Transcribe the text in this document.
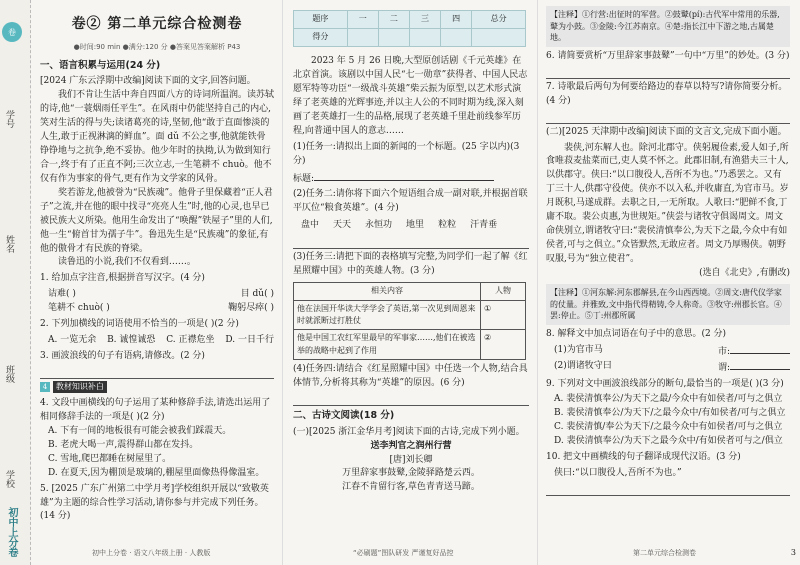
卷
学号
姓名
班级
学校
初中上分卷
卷② 第二单元综合检测卷
●时间:90 min ●满分:120 分 ●答案见答案解析 P43
一、语言积累与运用(24 分)

[2024 广东云浮期中改编]阅读下面的文字,回答问题。

我们不肯让生活中奔自四面八方的诗词所温润。读苏轼的诗,他“一蓑烟雨任平生”。在风雨中仍能坚持自己的内心,笑对生活的得与失;读诸葛亮的诗,坚韧,他“敢于直面惨淡的人生,敢于正视淋漓的鲜血”。面 dǔ 不公之事,他就能铁骨铮铮地与之抗争,绝不妥协。他少年时的执拗,认为做到知行合一,终于有了正直不阿;三次立志,一生笔耕不 chuò。他不仅有作为事家的骨气,更有作为文学家的风骨。

奖若游龙,他被誉为“民族魂”。他骨子里保藏着“正人君子”之流,并在他的眼中找寻“亮亮人生”时,他的心灵,也早已被民族大义所染。他用生命发出了“唤醒”铁屋子”里的人们,他一生“俯首甘为孺子牛”。鲁迅先生是“民族魂”的象征,有他的傲骨才有民族的脊梁。

读鲁迅的小说,我们不仅看到……。

1. 给加点字注音,根据拼音写汉字。(4 分)

诘难( )	目 dǔ( )
笔耕不 chuò( )	鞠躬尽瘁( )

2. 下列加横线的词语使用不恰当的一项是( )(2 分)

A. 一览无余 B. 诚惶诚恐 C. 正襟危坐 D. 一日千行

3. 画波浪线的句子有语病,请修改。(2 分)

4 教材知识补白

4. 文段中画横线的句子运用了某种修辞手法,请选出运用了相同修辞手法的一项是( )(2 分)

A. 下有一间的地板很有可能会被我们踩震天。

B. 老虎大喝一声,震得群山都在发抖。

C. 雪地,爬巴都睡在树屋里了。

D. 在夏天,因为棚顶是玻璃的,棚屋里面像热得像温室。

5. [2025 广东广州第二中学月考]学校组织开展以“致敬英雄”为主题的综合性学习活动,请你参与并完成下列任务。(14 分)

初中上分卷 · 语文八年级上册 · 人教版
题序	一	二	三	四	总分
得分					

2023 年 5 月 26 日晚,大型原创话剧《千元英雄》在北京首演。该剧以中国人民“七一勋章”获得者、中国人民志愿军特等功臣“一级战斗英雄”柴云振为原型,以艺术形式演绎了老英雄的光辉事迹,并以主人公的不同时期为线,深入刻画了老英雄打一生的品格,展现了老英雄千里赴前线参军历程,向普通中国人的意志……

(1)任务一:请拟出上面的新闻的一个标题。(25 字以内)(3 分)

标题:

(2)任务二:请你将下面六个短语组合成一副对联,并根据首联平仄位“粮食英雄”。(4 分)

盘中 天天 永恒功 地里 粒粒 汗青垂

(3)任务三:请把下面的表格填写完整,为同学们一起了解《红星照耀中国》中的英雄人物。(3 分)

相关内容	人物
他在法国开华读大学学会了英语,第一次见到周恩来时就派断过打胜仗	①
他是中国工农红军里最早的军事家……,他们在被选举的战略中起到了作用	②

(4)任务四:请结合《红星照耀中国》中任选一个人物,结合具体情节,分析将其称为“英雄”的原因。(6 分)

二、古诗文阅读(18 分)

(一)[2025 浙江金华月考]阅读下面的古诗,完成下列小题。

送李判官之润州行营

[唐]刘长卿

万里辞家事鼓鼙,金陵驿路楚云西。

江春不肯留行客,草色青青送马蹄。

“必刷题”图队研发 严谨复好品控
【注释】①行营:出征时的军营。②鼓鼙(pí):古代军中常用的乐器,鼙为小鼓。③金陵:今江苏南京。④楚:指长江中下游之地,古属楚地。

6. 请简要赏析“万里辞家事鼓鼙”一句中“万里”的妙处。(3 分)

7. 诗歌最后两句为何要给路边的春草以特写?请你简要分析。(4 分)

(二)[2025 天津期中改编]阅读下面的文言文,完成下面小题。

裴侠,河东解人也。除河北郡守。侠躬履俭素,爱人如子,所食唯菽麦盐菜而已,吏人莫不怀之。此郡旧制,有渔猎夫三十人,以供郡守。侠曰:“以口腹役人,吾所不为也。”乃悉罢之。又有丁三十人,供郡守役使。侠亦不以入私,并收庸直,为官市马。岁月既积,马遂成群。去职之日,一无所取。人歌曰:“肥鲜不食,丁庸不取。裴公贞惠,为世规矩。”侠尝与诸牧守俱谒周文。周文命侠别立,谓诸牧守曰:“裴侯清慎奉公,为天下之最,今众中有如侯者,可与之俱立。”众皆默然,无敢应者。周文乃厚赐侠。朝野叹服,号为“独立使君”。

(选自《北史》,有删改)

【注释】①河东解:河东郡解县,在今山西西境。②周文:唐代仪学家的仗量。并雅致,文中指代得精铸,令人称奇。③牧守:州郡长官。④罢:停止。⑤丁:州郡所属

8. 解释文中加点词语在句子中的意思。(2 分)

(1)为官市马	市:
(2)谓诸牧守曰	谓:

9. 下列对文中画波浪线部分的断句,最恰当的一项是( )(3 分)

A. 裴侯清慎奉公/为天下之最/今众中有如侯者/可与之俱立

B. 裴侯清慎奉公/为天下/之最今众中/有如侯者/可与之俱立

C. 裴侯清慎/奉公为天下/之最今众中有如侯者/可与之俱立

D. 裴侯清慎奉公/为天下之最今众中/有如侯者可与之/俱立

10. 把文中画横线的句子翻译成现代汉语。(3 分)

侠曰:“以口腹役人,吾所不为也。”

第二单元综合检测卷	3
